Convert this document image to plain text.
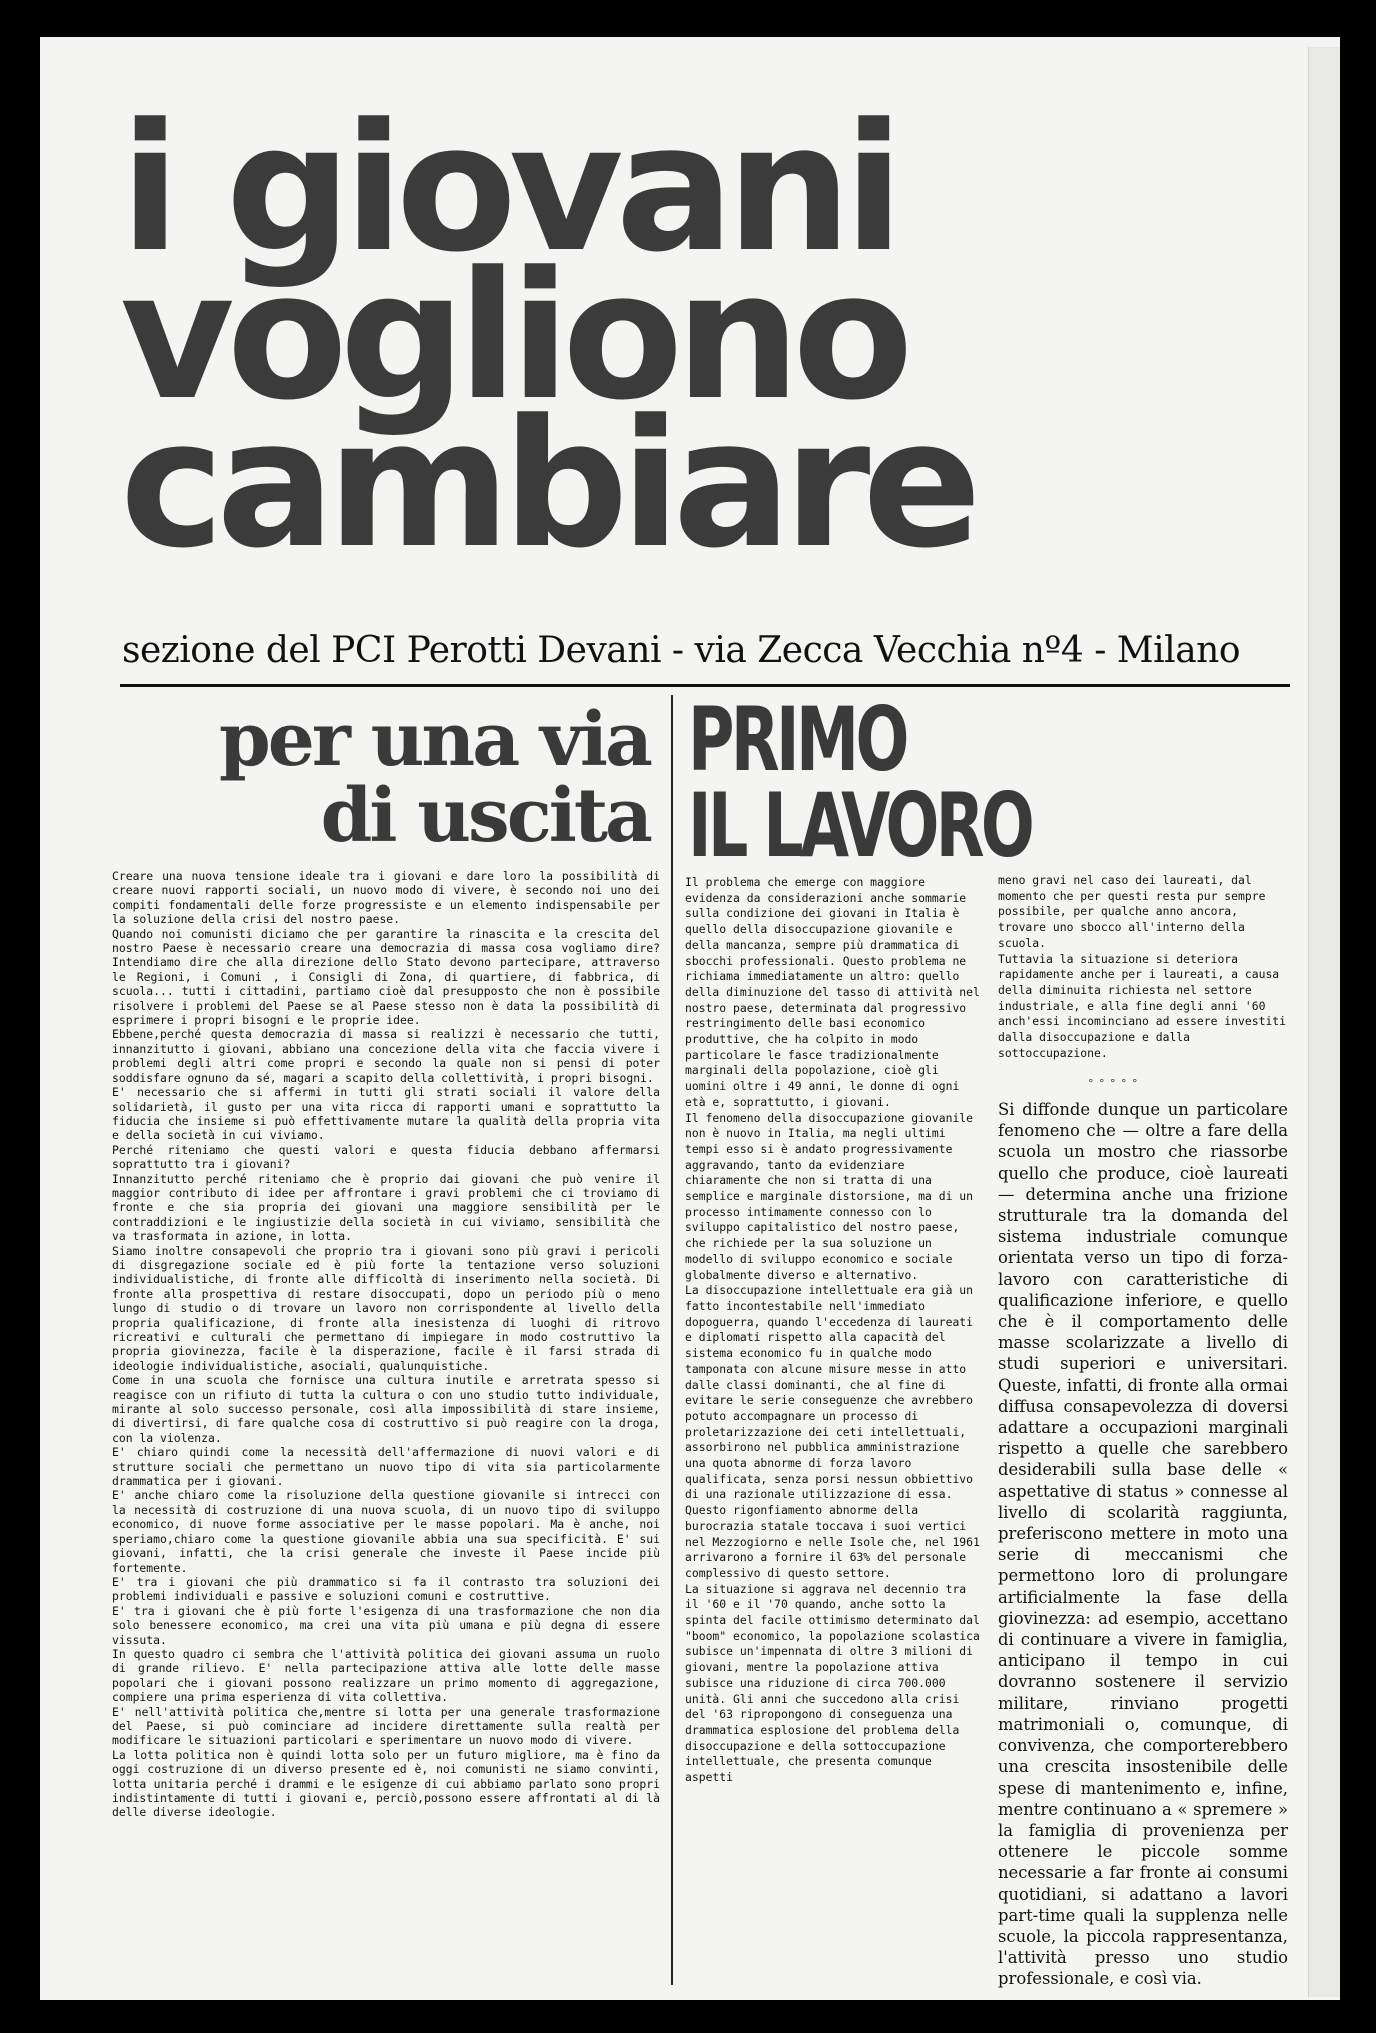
i giovani
vogliono
cambiare
sezione del PCI Perotti Devani - via Zecca Vecchia nº4 - Milano
per una via
di uscita
PRIMO
IL LAVORO

Creare una nuova tensione ideale tra i giovani e dare loro la possibilità di creare nuovi rapporti sociali, un nuovo modo di vivere, è secondo noi uno dei compiti fondamentali delle forze progressiste e un elemento indispensabile per la soluzione della crisi del nostro paese.

Quando noi comunisti diciamo che per garantire la rinascita e la crescita del nostro Paese è necessario creare una democrazia di massa cosa vogliamo dire? Intendiamo dire che alla direzione dello Stato devono partecipare, attraverso le Regioni, i Comuni , i Consigli di Zona, di quartiere, di fabbrica, di scuola... tutti i cittadini, partiamo cioè dal presupposto che non è possibile risolvere i problemi del Paese se al Paese stesso non è data la possibilità di esprimere i propri bisogni e le proprie idee.

Ebbene,perché questa democrazia di massa si realizzi è necessario che tutti, innanzitutto i giovani, abbiano una concezione della vita che faccia vivere i problemi degli altri come propri e secondo la quale non si pensi di poter soddisfare ognuno da sé, magari a scapito della collettività, i propri bisogni.

E' necessario che si affermi in tutti gli strati sociali il valore della solidarietà, il gusto per una vita ricca di rapporti umani e soprattutto la fiducia che insieme si può effettivamente mutare la qualità della propria vita e della società in cui viviamo.

Perché riteniamo che questi valori e questa fiducia debbano affermarsi soprattutto tra i giovani?

Innanzitutto perché riteniamo che è proprio dai giovani che può venire il maggior contributo di idee per affrontare i gravi problemi che ci troviamo di fronte e che sia propria dei giovani una maggiore sensibilità per le contraddizioni e le ingiustizie della società in cui viviamo, sensibilità che va trasformata in azione, in lotta.

Siamo inoltre consapevoli che proprio tra i giovani sono più gravi i pericoli di disgregazione sociale ed è più forte la tentazione verso soluzioni individualistiche, di fronte alle difficoltà di inserimento nella società. Di fronte alla prospettiva di restare disoccupati, dopo un periodo più o meno lungo di studio o di trovare un lavoro non corrispondente al livello della propria qualificazione, di fronte alla inesistenza di luoghi di ritrovo ricreativi e culturali che permettano di impiegare in modo costruttivo la propria giovinezza, facile è la disperazione, facile è il farsi strada di ideologie individualistiche, asociali, qualunquistiche.

Come in una scuola che fornisce una cultura inutile e arretrata spesso si reagisce con un rifiuto di tutta la cultura o con uno studio tutto individuale, mirante al solo successo personale, così alla impossibilità di stare insieme, di divertirsi, di fare qualche cosa di costruttivo si può reagire con la droga, con la violenza.

E' chiaro quindi come la necessità dell'affermazione di nuovi valori e di strutture sociali che permettano un nuovo tipo di vita sia particolarmente drammatica per i giovani.

E' anche chiaro come la risoluzione della questione giovanile si intrecci con la necessità di costruzione di una nuova scuola, di un nuovo tipo di sviluppo economico, di nuove forme associative per le masse popolari. Ma è anche, noi speriamo,chiaro come la questione giovanile abbia una sua specificità. E' sui giovani, infatti, che la crisi generale che investe il Paese incide più fortemente.

E' tra i giovani che più drammatico si fa il contrasto tra soluzioni dei problemi individuali e passive e soluzioni comuni e costruttive.

E' tra i giovani che è più forte l'esigenza di una trasformazione che non dia solo benessere economico, ma crei una vita più umana e più degna di essere vissuta.

In questo quadro ci sembra che l'attività politica dei giovani assuma un ruolo di grande rilievo. E' nella partecipazione attiva alle lotte delle masse popolari che i giovani possono realizzare un primo momento di aggregazione, compiere una prima esperienza di vita collettiva.

E' nell'attività politica che,mentre si lotta per una generale trasformazione del Paese, si può cominciare ad incidere direttamente sulla realtà per modificare le situazioni particolari e sperimentare un nuovo modo di vivere.

La lotta politica non è quindi lotta solo per un futuro migliore, ma è fino da oggi costruzione di un diverso presente ed è, noi comunisti ne siamo convinti, lotta unitaria perché i drammi e le esigenze di cui abbiamo parlato sono propri indistintamente di tutti i giovani e, perciò,possono essere affrontati al di là delle diverse ideologie.

Il problema che emerge con maggiore evidenza da considerazioni anche sommarie sulla condizione dei giovani in Italia è quello della disoccupazione giovanile e della mancanza, sempre più drammatica di sbocchi professionali. Questo problema ne richiama immediatamente un altro: quello della diminuzione del tasso di attività nel nostro paese, determinata dal progressivo restringimento delle basi economico produttive, che ha colpito in modo particolare le fasce tradizionalmente marginali della popolazione, cioè gli uomini oltre i 49 anni, le donne di ogni età e, soprattutto, i giovani.

Il fenomeno della disoccupazione giovanile non è nuovo in Italia, ma negli ultimi tempi esso si è andato progressivamente aggravando, tanto da evidenziare chiaramente che non si tratta di una semplice e marginale distorsione, ma di un processo intimamente connesso con lo sviluppo capitalistico del nostro paese, che richiede per la sua soluzione un modello di sviluppo economico e sociale globalmente diverso e alternativo.

La disoccupazione intellettuale era già un fatto incontestabile nell'immediato dopoguerra, quando l'eccedenza di laureati e diplomati rispetto alla capacità del sistema economico fu in qualche modo tamponata con alcune misure messe in atto dalle classi dominanti, che al fine di evitare le serie conseguenze che avrebbero potuto accompagnare un processo di proletarizzazione dei ceti intellettuali, assorbirono nel pubblica amministrazione una quota abnorme di forza lavoro qualificata, senza porsi nessun obbiettivo di una razionale utilizzazione di essa.

Questo rigonfiamento abnorme della burocrazia statale toccava i suoi vertici nel Mezzogiorno e nelle Isole che, nel 1961 arrivarono a fornire il 63% del personale complessivo di questo settore.

La situazione si aggrava nel decennio tra il '60 e il '70 quando, anche sotto la spinta del facile ottimismo determinato dal "boom" economico, la popolazione scolastica subisce un'impennata di oltre 3 milioni di giovani, mentre la popolazione attiva subisce una riduzione di circa 700.000 unità. Gli anni che succedono alla crisi del '63 ripropongono di conseguenza una drammatica esplosione del problema della disoccupazione e della sottoccupazione intellettuale, che presenta comunque aspetti

meno gravi nel caso dei laureati, dal momento che per questi resta pur sempre possibile, per qualche anno ancora, trovare uno sbocco all'interno della scuola.

Tuttavia la situazione si deteriora rapidamente anche per i laureati, a causa della diminuita richiesta nel settore industriale, e alla fine degli anni '60 anch'essi incominciano ad essere investiti dalla disoccupazione e dalla sottoccupazione.

° ° ° ° °

Si diffonde dunque un particolare fenomeno che — oltre a fare della scuola un mostro che riassorbe quello che produce, cioè laureati — determina anche una frizione strutturale tra la domanda del sistema industriale comunque orientata verso un tipo di forza-lavoro con caratteristiche di qualificazione inferiore, e quello che è il comportamento delle masse scolarizzate a livello di studi superiori e universitari. Queste, infatti, di fronte alla ormai diffusa consapevolezza di doversi adattare a occupazioni marginali rispetto a quelle che sarebbero desiderabili sulla base delle « aspettative di status » connesse al livello di scolarità raggiunta, preferiscono mettere in moto una serie di meccanismi che permettono loro di prolungare artificialmente la fase della giovinezza: ad esempio, accettano di continuare a vivere in famiglia, anticipano il tempo in cui dovranno sostenere il servizio militare, rinviano progetti matrimoniali o, comunque, di convivenza, che comporterebbero una crescita insostenibile delle spese di mantenimento e, infine, mentre continuano a « spremere » la famiglia di provenienza per ottenere le piccole somme necessarie a far fronte ai consumi quotidiani, si adattano a lavori part-time quali la supplenza nelle scuole, la piccola rappresentanza, l'attività presso uno studio professionale, e così via.
